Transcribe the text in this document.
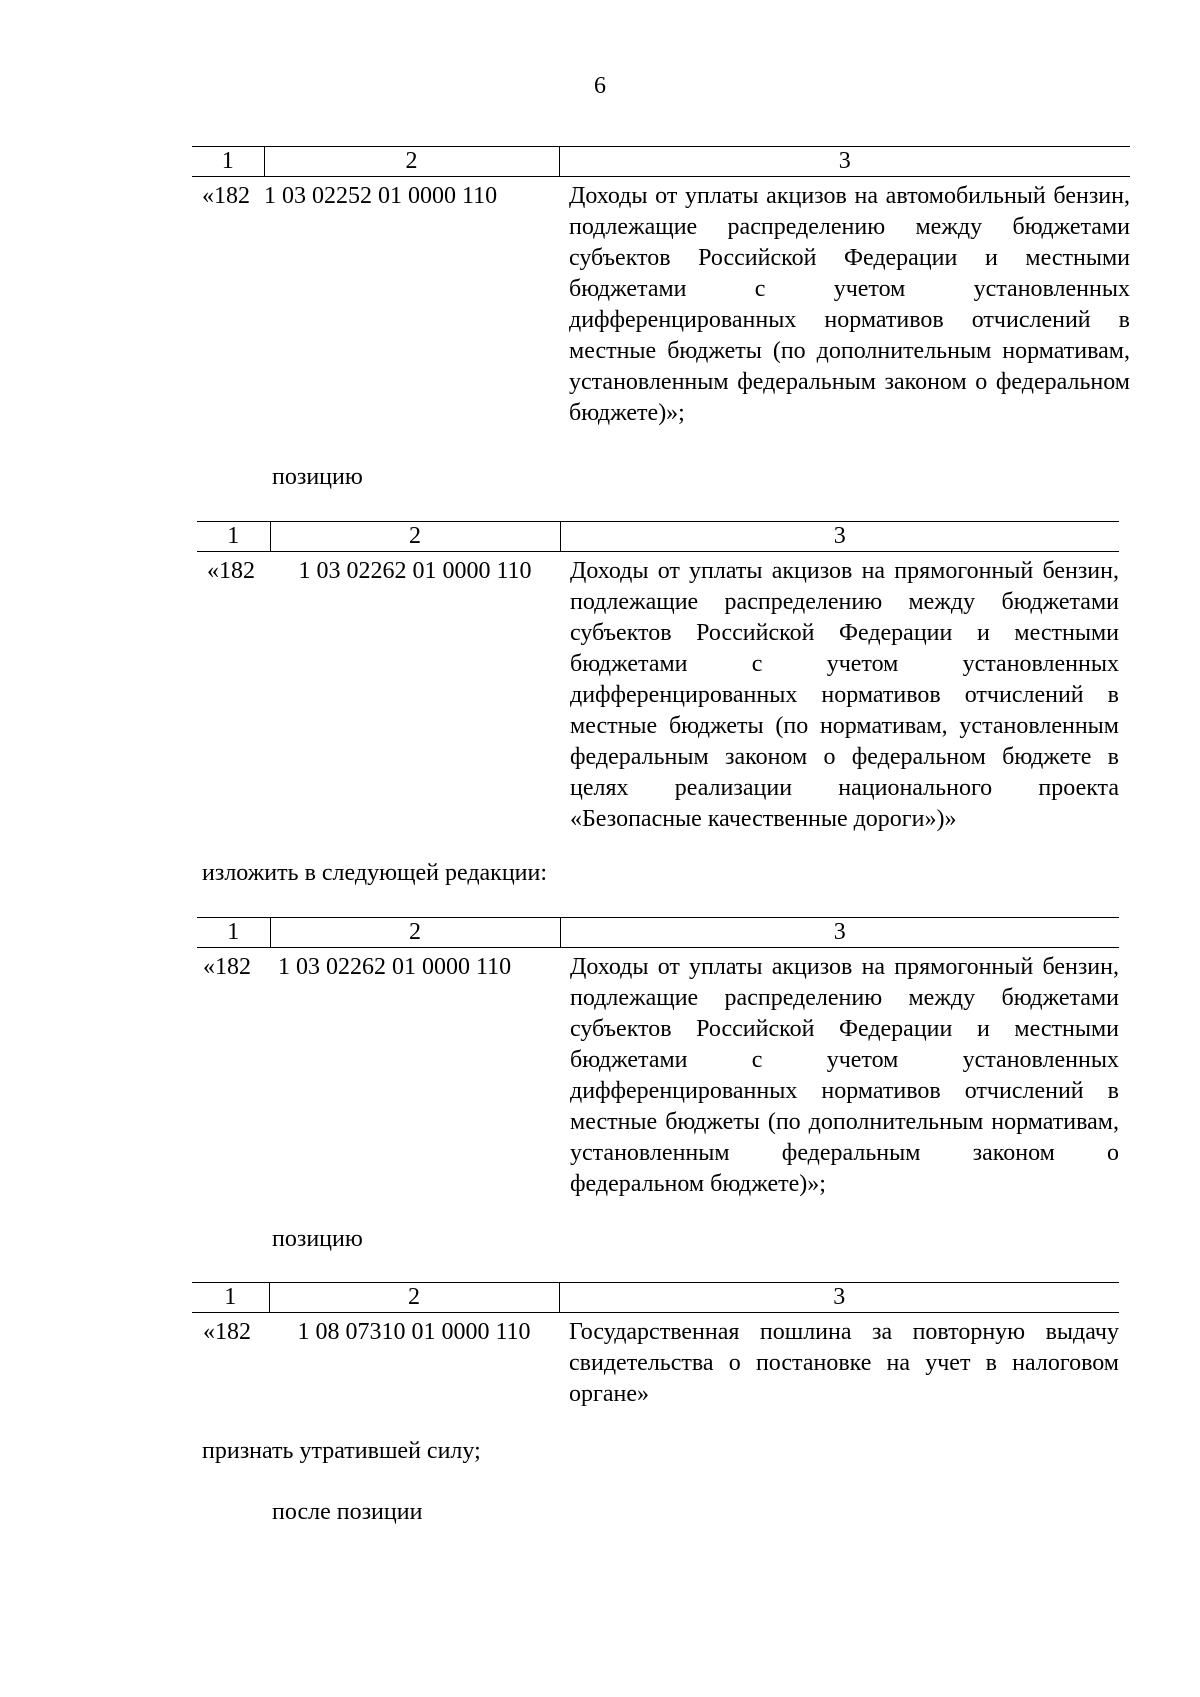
6
1	2	3
«182	1 03 02252 01 0000 110	Доходы от уплаты акцизов на автомобильный бензин, подлежащие распределению между бюджетами субъектов Российской Федерации и местными бюджетами с учетом установленных дифференцированных нормативов отчислений в местные бюджеты (по дополнительным нормативам, установленным федеральным законом о федеральном бюджете)»;
позицию
1	2	3
«182	1 03 02262 01 0000 110	Доходы от уплаты акцизов на прямогонный бензин, подлежащие распределению между бюджетами субъектов Российской Федерации и местными бюджетами с учетом установленных дифференцированных нормативов отчислений в местные бюджеты (по нормативам, установленным федеральным законом о федеральном бюджете в целях реализации национального проекта «Безопасные качественные дороги»)»
изложить в следующей редакции:
1	2	3
«182	1 03 02262 01 0000 110	Доходы от уплаты акцизов на прямогонный бензин, подлежащие распределению между бюджетами субъектов Российской Федерации и местными бюджетами с учетом установленных дифференцированных нормативов отчислений в местные бюджеты (по дополнительным нормативам, установленным федеральным законом о федеральном бюджете)»;
позицию
1	2	3
«182	1 08 07310 01 0000 110	Государственная пошлина за повторную выдачу свидетельства о постановке на учет в налоговом органе»
признать утратившей силу;
после позиции
